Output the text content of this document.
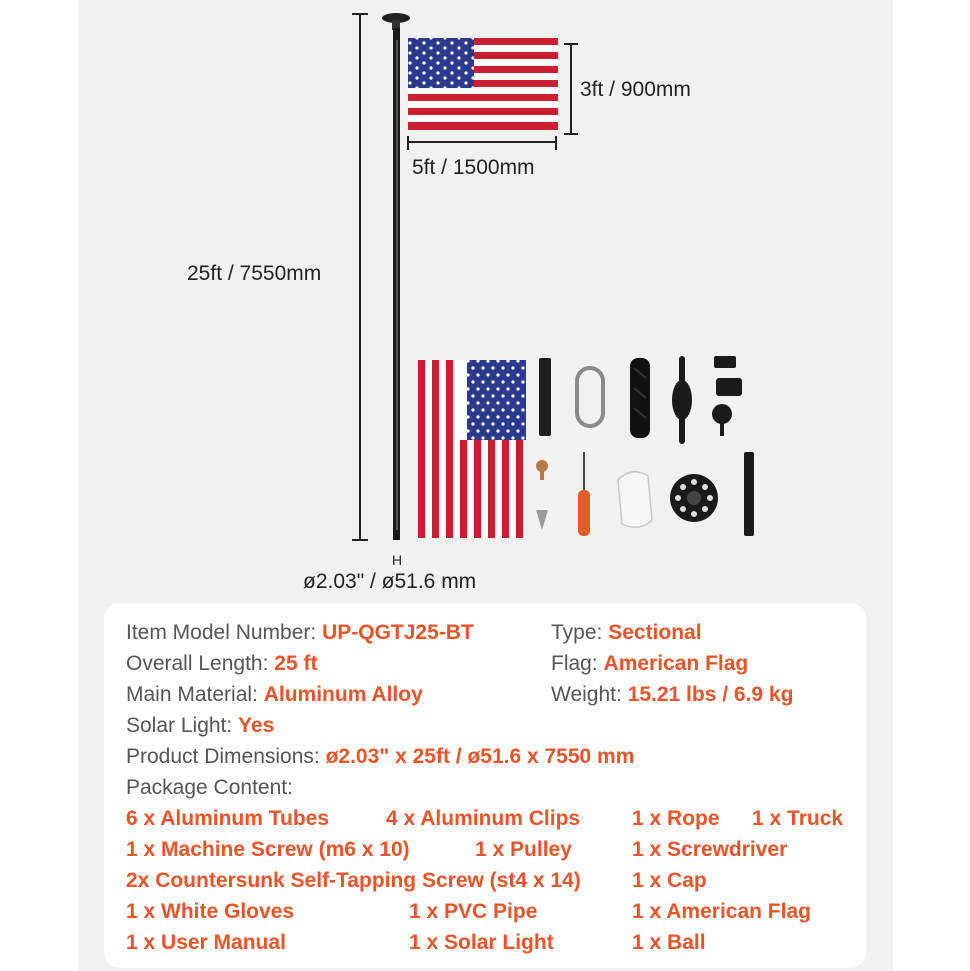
25ft / 7550mm
3ft / 900mm
5ft / 1500mm
H
ø2.03" / ø51.6 mm
Item Model Number: UP-QGTJ25-BT	Type: Sectional
Overall Length: 25 ft	Flag: American Flag
Main Material: Aluminum Alloy	Weight: 15.21 lbs / 6.9 kg
Solar Light: Yes
Product Dimensions: ø2.03" x 25ft / ø51.6 x 7550 mm
Package Content:
6 x Aluminum Tubes	4 x Aluminum Clips 1 x Rope 1 x Truck
1 x Machine Screw (m6 x 10)	1 x Pulley	1 x Screwdriver
2x Countersunk Self-Tapping Screw (st4 x 14) 1 x Cap
1 x White Gloves	1 x PVC Pipe	1 x American Flag
1 x User Manual	1 x Solar Light	1 x Ball
